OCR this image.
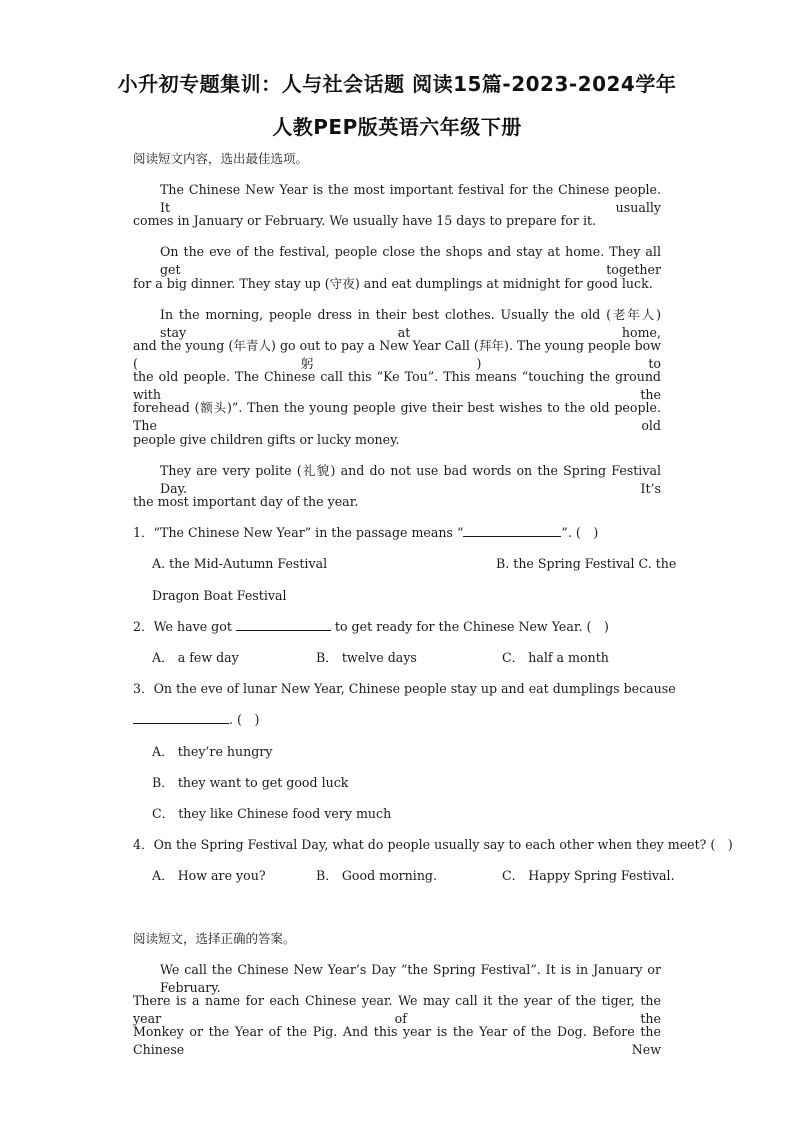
小升初专题集训：人与社会话题 阅读15篇-2023-2024学年
人教PEP版英语六年级下册
阅读短文内容，选出最佳选项。
The Chinese New Year is the most important festival for the Chinese people. It usually
comes in January or February. We usually have 15 days to prepare for it.
On the eve of the festival, people close the shops and stay at home. They all get together
for a big dinner. They stay up (守夜) and eat dumplings at midnight for good luck.
In the morning, people dress in their best clothes. Usually the old (老年人) stay at home,
and the young (年青人) go out to pay a New Year Call (拜年). The young people bow (躬) to
the old people. The Chinese call this “Ke Tou”. This means “touching the ground with the
forehead (额头)”. Then the young people give their best wishes to the old people. The old
people give children gifts or lucky money.
They are very polite (礼貌) and do not use bad words on the Spring Festival Day. It’s
the most important day of the year.
1．“The Chinese New Year” in the passage means “	”. (　)
A. the Mid-Autumn Festival	B. the Spring Festival C. the
Dragon Boat Festival
2．We have got	to get ready for the Chinese New Year. (　)
A． a few day	B． twelve days	C． half a month
3．On the eve of lunar New Year, Chinese people stay up and eat dumplings because
. (　)
A． they’re hungry
B． they want to get good luck
C． they like Chinese food very much
4．On the Spring Festival Day, what do people usually say to each other when they meet? (　)
A． How are you?	B． Good morning.	C． Happy Spring Festival.
阅读短文，选择正确的答案。
We call the Chinese New Year’s Day “the Spring Festival”. It is in January or February.
There is a name for each Chinese year. We may call it the year of the tiger, the year of the
Monkey or the Year of the Pig. And this year is the Year of the Dog. Before the Chinese New
